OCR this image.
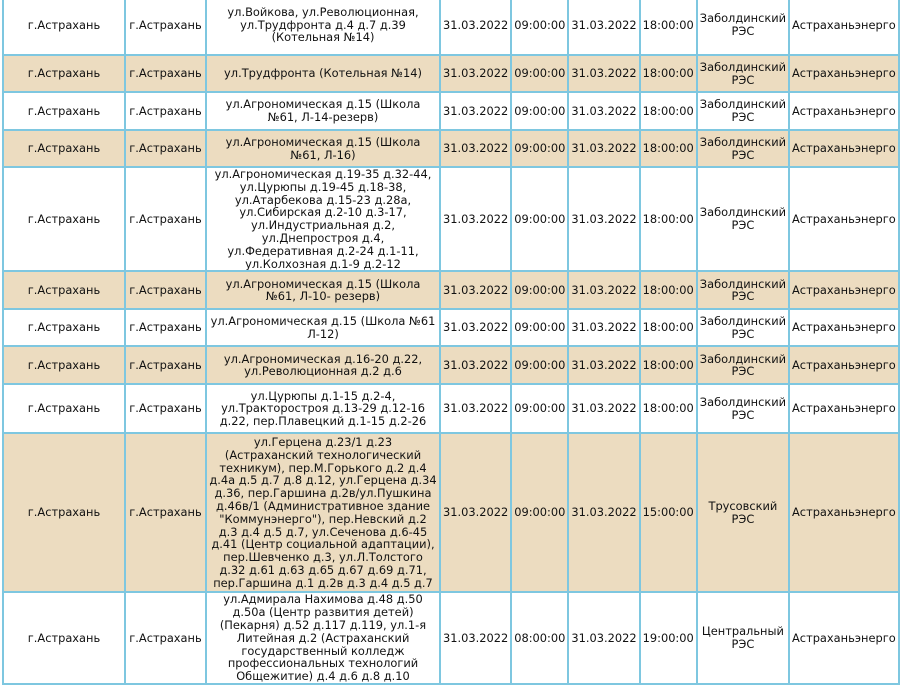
г.Астрахань	г.Астрахань	ул.Войкова, ул.Революционная, ул.Трудфронта д.4 д.7 д.39 (Котельная №14)	31.03.2022	09:00:00	31.03.2022	18:00:00	Заболдинский РЭС	Астраханьэнерго
г.Астрахань	г.Астрахань	ул.Трудфронта (Котельная №14)	31.03.2022	09:00:00	31.03.2022	18:00:00	Заболдинский РЭС	Астраханьэнерго
г.Астрахань	г.Астрахань	ул.Агрономическая д.15 (Школа №61, Л-14-резерв)	31.03.2022	09:00:00	31.03.2022	18:00:00	Заболдинский РЭС	Астраханьэнерго
г.Астрахань	г.Астрахань	ул.Агрономическая д.15 (Школа №61, Л-16)	31.03.2022	09:00:00	31.03.2022	18:00:00	Заболдинский РЭС	Астраханьэнерго
г.Астрахань	г.Астрахань	ул.Агрономическая д.19-35 д.32-44, ул.Цурюпы д.19-45 д.18-38, ул.Атарбекова д.15-23 д.28а, ул.Сибирская д.2-10 д.3-17, ул.Индустриальная д.2, ул.Днепростроя д.4, ул.Федеративная д.2-24 д.1-11, ул.Колхозная д.1-9 д.2-12	31.03.2022	09:00:00	31.03.2022	18:00:00	Заболдинский РЭС	Астраханьэнерго
г.Астрахань	г.Астрахань	ул.Агрономическая д.15 (Школа №61, Л-10- резерв)	31.03.2022	09:00:00	31.03.2022	18:00:00	Заболдинский РЭС	Астраханьэнерго
г.Астрахань	г.Астрахань	ул.Агрономическая д.15 (Школа №61 Л-12)	31.03.2022	09:00:00	31.03.2022	18:00:00	Заболдинский РЭС	Астраханьэнерго
г.Астрахань	г.Астрахань	ул.Агрономическая д.16-20 д.22, ул.Революционная д.2 д.6	31.03.2022	09:00:00	31.03.2022	18:00:00	Заболдинский РЭС	Астраханьэнерго
г.Астрахань	г.Астрахань	ул.Цурюпы д.1-15 д.2-4, ул.Тракторостроя д.13-29 д.12-16 д.22, пер.Плавецкий д.1-15 д.2-26	31.03.2022	09:00:00	31.03.2022	18:00:00	Заболдинский РЭС	Астраханьэнерго
г.Астрахань	г.Астрахань	ул.Герцена д.23/1 д.23 (Астраханский технологический техникум), пер.М.Горького д.2 д.4 д.4а д.5 д.7 д.8 д.12, ул.Герцена д.34 д.36, пер.Гаршина д.2в/ул.Пушкина д.46в/1 (Административное здание "Коммунэнерго"), пер.Невский д.2 д.3 д.4 д.5 д.7, ул.Сеченова д.6-45 д.41 (Центр социальной адаптации), пер.Шевченко д.3, ул.Л.Толстого д.32 д.61 д.63 д.65 д.67 д.69 д.71, пер.Гаршина д.1 д.2в д.3 д.4 д.5 д.7	31.03.2022	09:00:00	31.03.2022	15:00:00	Трусовский РЭС	Астраханьэнерго
г.Астрахань	г.Астрахань	ул.Адмирала Нахимова д.48 д.50 д.50а (Центр развития детей) (Пекарня) д.52 д.117 д.119, ул.1-я Литейная д.2 (Астраханский государственный колледж профессиональных технологий Общежитие) д.4 д.6 д.8 д.10	31.03.2022	08:00:00	31.03.2022	19:00:00	Центральный РЭС	Астраханьэнерго
